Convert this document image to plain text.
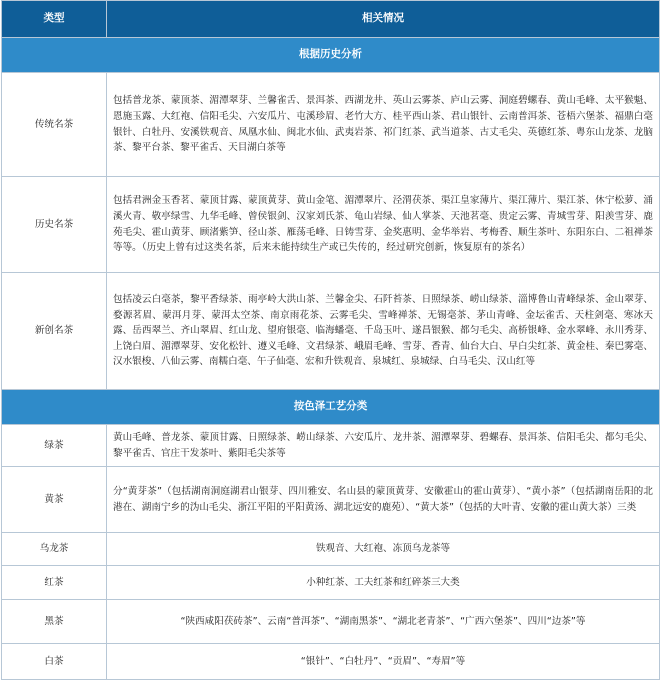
类型	相关情况
根据历史分析	
传统名茶	包括普龙茶、蒙顶茶、湄潭翠芽、兰馨雀舌、景洱茶、西湖龙井、英山云雾茶、庐山云雾、洞庭碧螺春、黄山毛峰、太平猴魁、恩施玉露、大红袍、信阳毛尖、六安瓜片、屯溪珍眉、老竹大方、桂平西山茶、君山银针、云南普洱茶、苍梧六堡茶、福鼎白毫银针、白牡丹、安溪铁观音、凤凰水仙、闽北水仙、武夷岩茶、祁门红茶、武当道茶、古丈毛尖、英德红茶、粤东山龙茶、龙脑茶、黎平台茶、黎平雀舌、天目湖白茶等
历史名茶	包括君洲金玉香茗、蒙顶甘露、蒙顶黄芽、黄山金笔、湄潭翠片、泾渭茯茶、渠江皇家薄片、渠江薄片、渠江茶、休宁松萝、涌溪火青、敬亭绿雪、九华毛峰、曾侯银剑、汉家刘氏茶、龟山岩绿、仙人掌茶、天池茗毫、贵定云雾、青城雪芽、阳羡雪芽、鹿苑毛尖、霍山黄芽、顾渚紫笋、径山茶、雁荡毛峰、日铸雪芽、金奖惠明、金华举岩、考梅香、顺生茶叶、东阳东白、二祖禅茶等等。（历史上曾有过这类名茶，后来未能持续生产或已失传的，经过研究创新，恢复原有的茶名）
新创名茶	包括凌云白毫茶，黎平香绿茶、雨亭岭大洪山茶、兰馨金尖、石阡苔茶、日照绿茶、崂山绿茶、淄博鲁山青峰绿茶、金山翠芽、婺源茗眉、蒙洱月芽、蒙洱太空茶、南京雨花茶、云雾毛尖、雪峰禅茶、无锡毫茶、茅山青峰、金坛雀舌、天柱剑毫、寒冰天露、岳西翠兰、齐山翠眉、红山龙、望府银毫、临海蟠毫、千岛玉叶、遂昌银猴、都匀毛尖、高桥银峰、金水翠峰、永川秀芽、上饶白眉、湄潭翠芽、安化松针、遵义毛峰、文君绿茶、峨眉毛峰、雪芽、香青、仙台大白、早白尖红茶、黄金桂、秦巴雾毫、汉水银梭、八仙云雾、南糯白毫、午子仙毫、宏和升铁观音、泉城红、泉城绿、白马毛尖、汉山红等
按色泽工艺分类	
绿茶	黄山毛峰、普龙茶、蒙顶甘露、日照绿茶、崂山绿茶、六安瓜片、龙井茶、湄潭翠芽、碧螺春、景洱茶、信阳毛尖、都匀毛尖、黎平雀舌、官庄干发茶叶、紫阳毛尖茶等
黄茶	分“黄芽茶”（包括湖南洞庭湖君山银芽、四川雅安、名山县的蒙顶黄芽、安徽霍山的霍山黄芽）、“黄小茶”（包括湖南岳阳的北港在、湖南宁乡的沩山毛尖、浙江平阳的平阳黄汤、湖北远安的鹿苑）、“黄大茶”（包括的大叶青、安徽的霍山黄大茶）三类
乌龙茶	铁观音、大红袍、冻顶乌龙茶等
红茶	小种红茶、工夫红茶和红碎茶三大类
黑茶	“陕西咸阳茯砖茶”、云南“普洱茶”、“湖南黑茶”、“湖北老青茶”、“广西六堡茶”、四川“边茶”等
白茶	“银针”、“白牡丹”、“贡眉”、“寿眉”等
